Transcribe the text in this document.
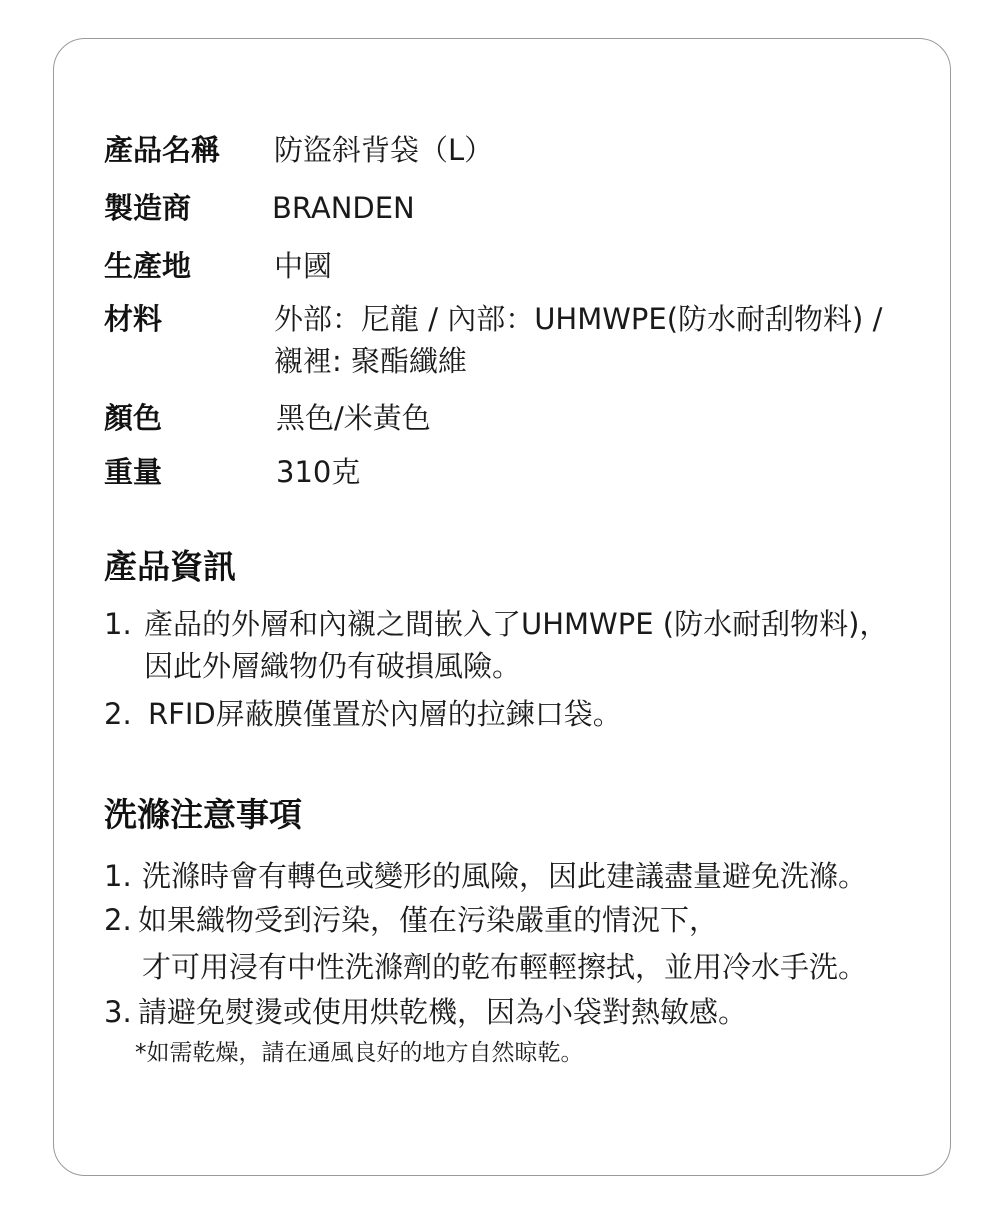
產品名稱 防盜斜背袋（L）
製造商	BRANDEN
生產地	中國
材料	外部：尼龍 / 內部：UHMWPE(防水耐刮物料) /
襯裡: 聚酯纖維
顏色	黑色/米黃色
重量	310克
產品資訊
1. 產品的外層和內襯之間嵌入了UHMWPE (防水耐刮物料)，
因此外層織物仍有破損風險。
2. RFID屏蔽膜僅置於內層的拉鍊口袋。
洗滌注意事項
1. 洗滌時會有轉色或變形的風險，因此建議盡量避免洗滌。
2. 如果織物受到污染，僅在污染嚴重的情況下，
才可用浸有中性洗滌劑的乾布輕輕擦拭，並用冷水手洗。
3. 請避免熨燙或使用烘乾機，因為小袋對熱敏感。
*如需乾燥，請在通風良好的地方自然晾乾。
